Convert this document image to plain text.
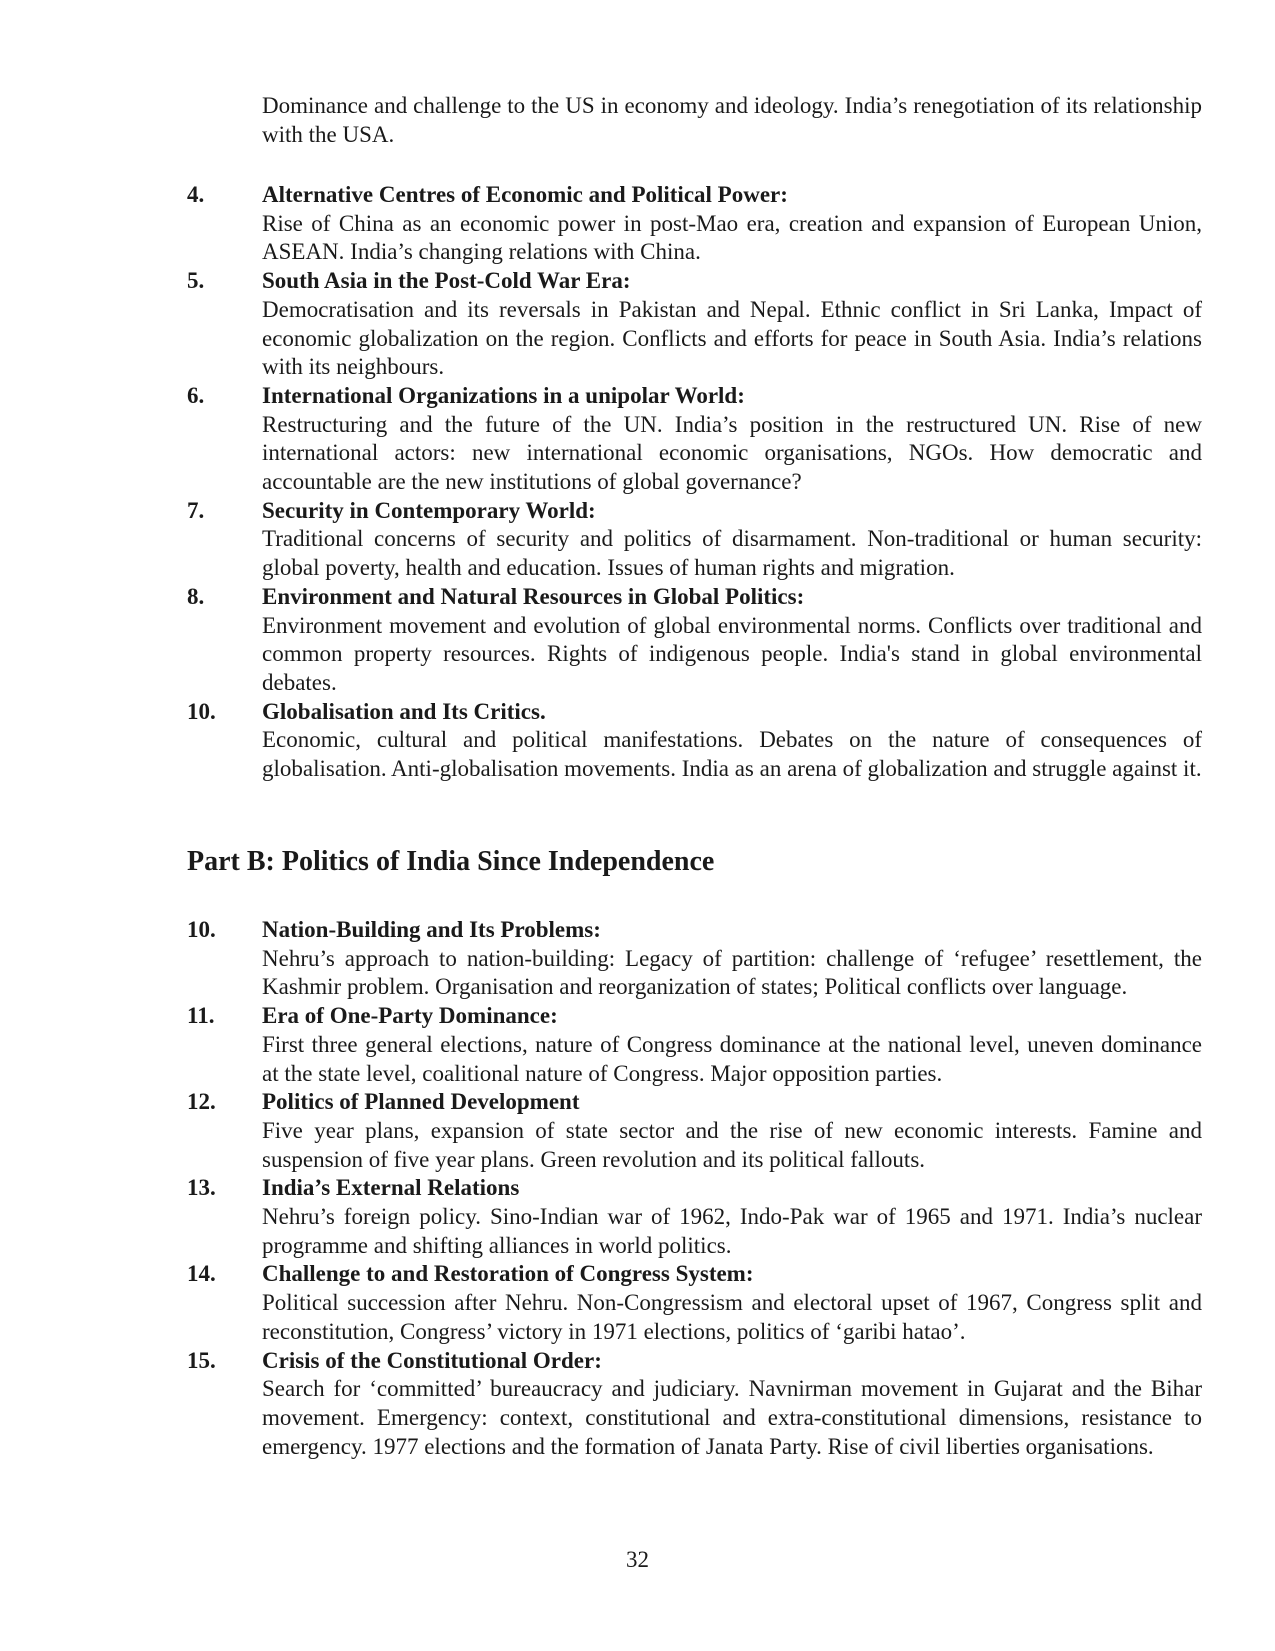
Dominance and challenge to the US in economy and ideology. India’s renegotiation of its relationship with the USA.

4.	Alternative Centres of Economic and Political Power:
Rise of China as an economic power in post-Mao era, creation and expansion of European Union, ASEAN. India’s changing relations with China.
5.	South Asia in the Post-Cold War Era:
Democratisation and its reversals in Pakistan and Nepal. Ethnic conflict in Sri Lanka, Impact of economic globalization on the region. Conflicts and efforts for peace in South Asia. India’s relations with its neighbours.
6.	International Organizations in a unipolar World:
Restructuring and the future of the UN. India’s position in the restructured UN. Rise of new international actors: new international economic organisations, NGOs. How democratic and accountable are the new institutions of global governance?
7.	Security in Contemporary World:
Traditional concerns of security and politics of disarmament. Non-traditional or human security: global poverty, health and education. Issues of human rights and migration.
8.	Environment and Natural Resources in Global Politics:
Environment movement and evolution of global environmental norms. Conflicts over traditional and common property resources. Rights of indigenous people. India's stand in global environmental debates.
10. Globalisation and Its Critics.
Economic, cultural and political manifestations. Debates on the nature of consequences of globalisation. Anti-globalisation movements. India as an arena of globalization and struggle against it.
Part B: Politics of India Since Independence
10. Nation-Building and Its Problems:
Nehru’s approach to nation-building: Legacy of partition: challenge of ‘refugee’ resettlement, the Kashmir problem. Organisation and reorganization of states; Political conflicts over language.
11. Era of One-Party Dominance:
First three general elections, nature of Congress dominance at the national level, uneven dominance at the state level, coalitional nature of Congress. Major opposition parties.
12. Politics of Planned Development
Five year plans, expansion of state sector and the rise of new economic interests. Famine and suspension of five year plans. Green revolution and its political fallouts.
13. India’s External Relations
Nehru’s foreign policy. Sino-Indian war of 1962, Indo-Pak war of 1965 and 1971. India’s nuclear programme and shifting alliances in world politics.
14. Challenge to and Restoration of Congress System:
Political succession after Nehru. Non-Congressism and electoral upset of 1967, Congress split and reconstitution, Congress’ victory in 1971 elections, politics of ‘garibi hatao’.
15. Crisis of the Constitutional Order:
Search for ‘committed’ bureaucracy and judiciary. Navnirman movement in Gujarat and the Bihar movement. Emergency: context, constitutional and extra-constitutional dimensions, resistance to emergency. 1977 elections and the formation of Janata Party. Rise of civil liberties organisations.
32
